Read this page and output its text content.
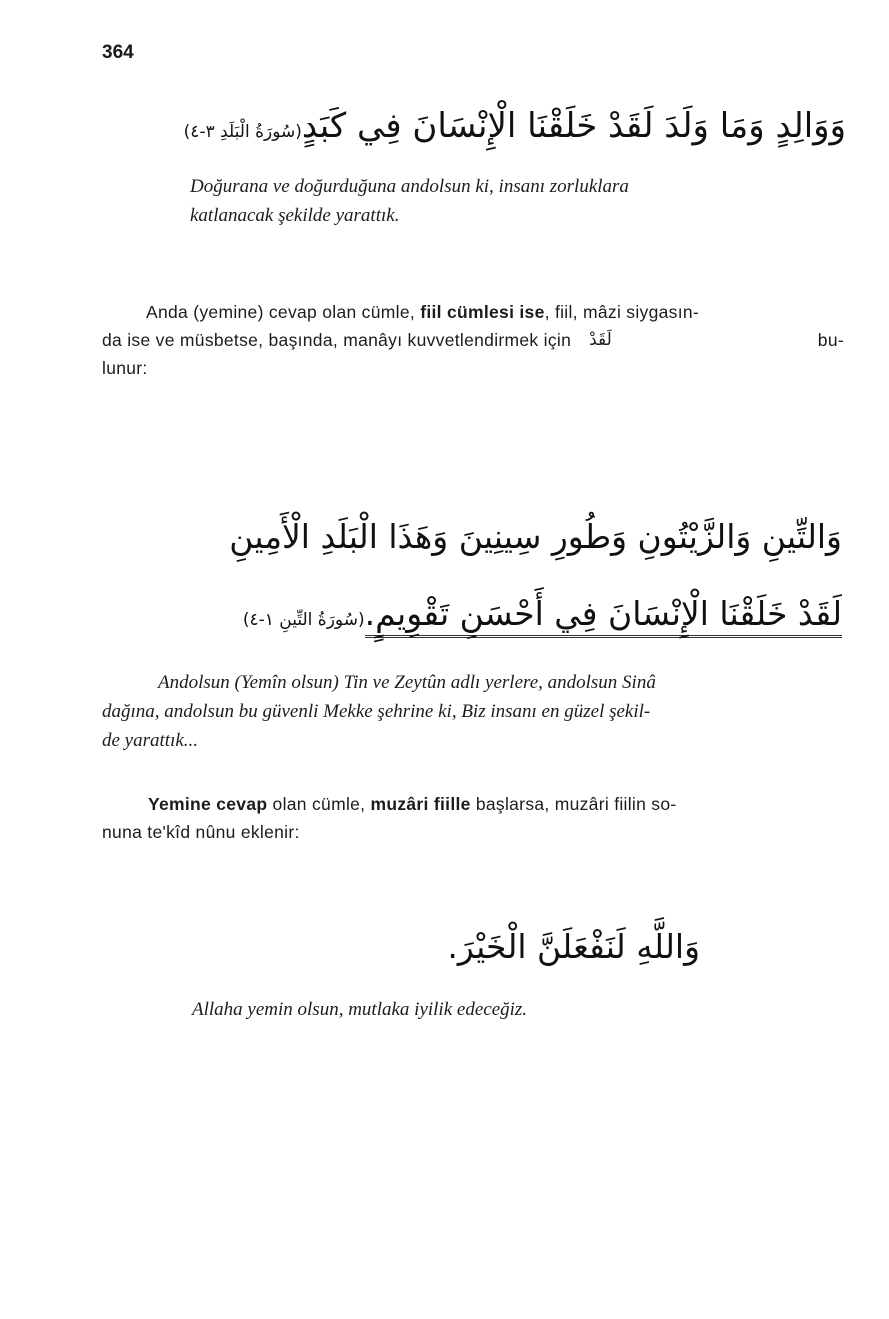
364
وَوَالِدٍ وَمَا وَلَدَ لَقَدْ خَلَقْنَا الْإِنْسَانَ فِي كَبَدٍ(سُورَةُ الْبَلَدِ ٣-٤)
Doğurana ve doğurduğuna andolsun ki, insanı zorluklara
katlanacak şekilde yarattık.
Anda (yemine) cevap olan cümle, fiil cümlesi ise, fiil, mâzi siygasın-
da ise ve müsbetse, başında, manâyı kuvvetlendirmek için لَقَدْ	bu-
lunur:
وَالتِّينِ وَالزَّيْتُونِ وَطُورِ سِينِينَ وَهَذَا الْبَلَدِ الْأَمِينِ
لَقَدْ خَلَقْنَا الْإِنْسَانَ فِي أَحْسَنِ تَقْوِيمٍ.(سُورَةُ التِّينِ ١-٤)
Andolsun (Yemîn olsun) Tin ve Zeytûn adlı yerlere, andolsun Sinâ
dağına, andolsun bu güvenli Mekke şehrine ki, Biz insanı en güzel şekil-
de yarattık...
Yemine cevap olan cümle, muzâri fiille başlarsa, muzâri fiilin so-
nuna te'kîd nûnu eklenir:
وَاللَّهِ لَنَفْعَلَنَّ الْخَيْرَ.
Allaha yemin olsun, mutlaka iyilik edeceğiz.
